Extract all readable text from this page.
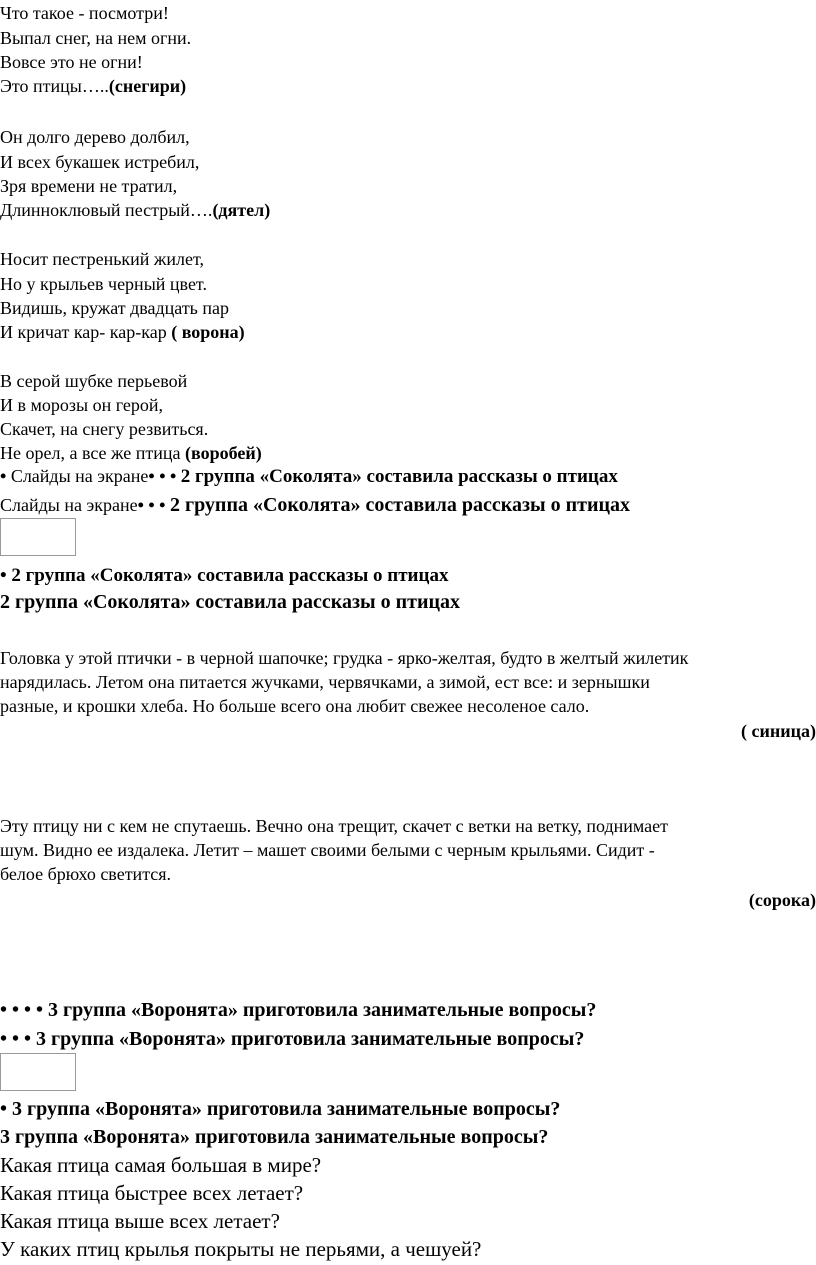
Что такое - посмотри!
Выпал снег, на нем огни.
Вовсе это не огни!
Это птицы…..(снегири)
Он долго дерево долбил,
И всех букашек истребил,
Зря времени не тратил,
Длинноклювый пестрый….(дятел)
Носит пестренький жилет,
Но у крыльев черный цвет.
Видишь, кружат двадцать пар
И кричат кар- кар-кар ( ворона)
В серой шубке перьевой
И в морозы он герой,
Скачет, на снегу резвиться.
Не орел, а все же птица (воробей)
• Слайды на экране• • • 2 группа «Соколята» составила рассказы о птицах
Слайды на экране• • • 2 группа «Соколята» составила рассказы о птицах
• 2 группа «Соколята» составила рассказы о птицах
2 группа «Соколята» составила рассказы о птицах
Головка у этой птички - в черной шапочке; грудка - ярко-желтая, будто в желтый жилетик
нарядилась. Летом она питается жучками, червячками, а зимой, ест все: и зернышки
разные, и крошки хлеба. Но больше всего она любит свежее несоленое сало.
( синица)
Эту птицу ни с кем не спутаешь. Вечно она трещит, скачет с ветки на ветку, поднимает
шум. Видно ее издалека. Летит – машет своими белыми с черным крыльями. Сидит -
белое брюхо светится.
(сорока)
• • • • 3 группа «Воронята» приготовила занимательные вопросы?
• • • 3 группа «Воронята» приготовила занимательные вопросы?
• 3 группа «Воронята» приготовила занимательные вопросы?
3 группа «Воронята» приготовила занимательные вопросы?
Какая птица самая большая в мире?
Какая птица быстрее всех летает?
Какая птица выше всех летает?
У каких птиц крылья покрыты не перьями, а чешуей?
